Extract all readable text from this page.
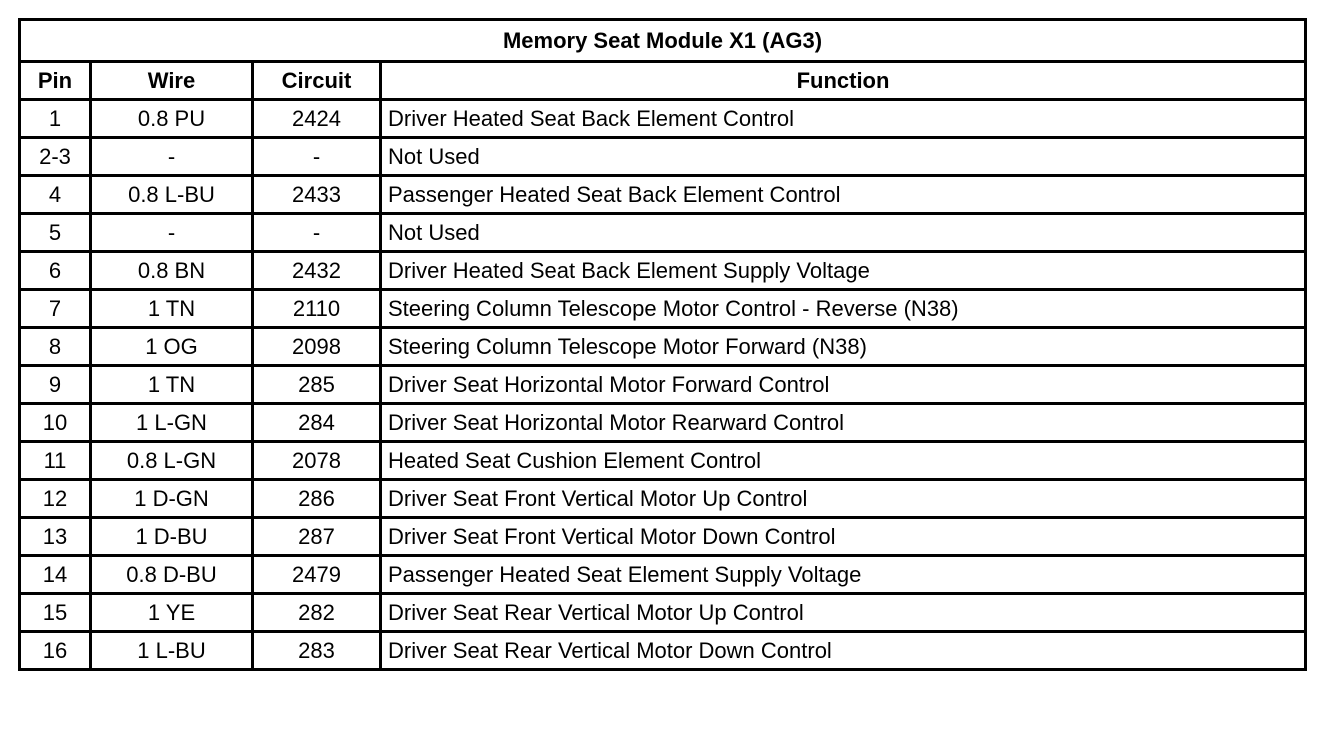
Memory Seat Module X1 (AG3)			
Pin	Wire	Circuit	Function
1	0.8 PU	2424	Driver Heated Seat Back Element Control
2-3	-	-	Not Used
4	0.8 L-BU	2433	Passenger Heated Seat Back Element Control
5	-	-	Not Used
6	0.8 BN	2432	Driver Heated Seat Back Element Supply Voltage
7	1 TN	2110	Steering Column Telescope Motor Control - Reverse (N38)
8	1 OG	2098	Steering Column Telescope Motor Forward (N38)
9	1 TN	285	Driver Seat Horizontal Motor Forward Control
10	1 L-GN	284	Driver Seat Horizontal Motor Rearward Control
11	0.8 L-GN	2078	Heated Seat Cushion Element Control
12	1 D-GN	286	Driver Seat Front Vertical Motor Up Control
13	1 D-BU	287	Driver Seat Front Vertical Motor Down Control
14	0.8 D-BU	2479	Passenger Heated Seat Element Supply Voltage
15	1 YE	282	Driver Seat Rear Vertical Motor Up Control
16	1 L-BU	283	Driver Seat Rear Vertical Motor Down Control
